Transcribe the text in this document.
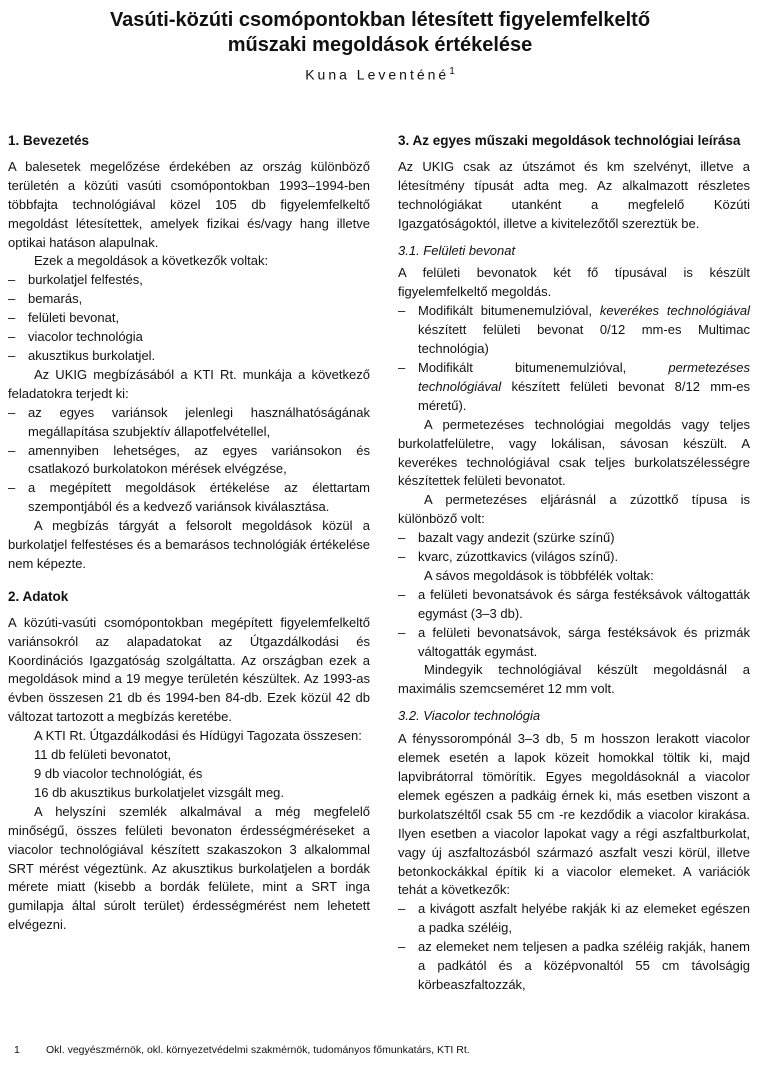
Vasúti-közúti csomópontokban létesített figyelemfelkeltő
műszaki megoldások értékelése
Kuna Leventéné$^1$
1. Bevezetés

A balesetek megelőzése érdekében az ország különböző területén a közúti vasúti csomópontokban 1993–1994-ben többfajta technológiával közel 105 db figyelemfelkeltő megoldást létesítettek, amelyek fizikai és/vagy hang illetve optikai hatáson alapulnak.

Ezek a megoldások a következők voltak:

– burkolatjel felfestés,
– bemarás,
– felületi bevonat,
– viacolor technológia
– akusztikus burkolatjel.

Az UKIG megbízásából a KTI Rt. munkája a következő feladatokra terjedt ki:

– az egyes variánsok jelenlegi használhatóságának megállapítása szubjektív állapotfelvétellel,
– amennyiben lehetséges, az egyes variánsokon és csatlakozó burkolatokon mérések elvégzése,
– a megépített megoldások értékelése az élettartam szempontjából és a kedvező variánsok kiválasztása.

A megbízás tárgyát a felsorolt megoldások közül a burkolatjel felfestéses és a bemarásos technológiák értékelése nem képezte.

2. Adatok

A közúti-vasúti csomópontokban megépített figyelemfelkeltő variánsokról az alapadatokat az Útgazdálkodási és Koordinációs Igazgatóság szolgáltatta. Az országban ezek a megoldások mind a 19 megye területén készültek. Az 1993-as évben összesen 21 db és 1994-ben 84-db. Ezek közül 42 db változat tartozott a megbízás keretébe.

A KTI Rt. Útgazdálkodási és Hídügyi Tagozata összesen:

11 db felületi bevonatot,

9 db viacolor technológiát, és

16 db akusztikus burkolatjelet vizsgált meg.

A helyszíni szemlék alkalmával a még megfelelő minőségű, összes felületi bevonaton érdességméréseket a viacolor technológiával készített szakaszokon 3 alkalommal SRT mérést végeztünk. Az akusztikus burkolatjelen a bordák mérete miatt (kisebb a bordák felülete, mint a SRT inga gumilapja által súrolt terület) érdességmérést nem lehetett elvégezni.

3. Az egyes műszaki megoldások technológiai leírása

Az UKIG csak az útszámot és km szelvényt, illetve a létesítmény típusát adta meg. Az alkalmazott részletes technológiákat utanként a megfelelő Közúti Igazgatóságoktól, illetve a kivitelezőtől szereztük be.

3.1. Felületi bevonat

A felületi bevonatok két fő típusával is készült figyelemfelkeltő megoldás.

– Modifikált bitumenemulzióval, keverékes technológiával készített felületi bevonat 0/12 mm-es Multimac technológia)
– Modifikált bitumenemulzióval, permetezéses technológiával készített felületi bevonat 8/12 mm-es méretű).

A permetezéses technológiai megoldás vagy teljes burkolatfelületre, vagy lokálisan, sávosan készült. A keverékes technológiával csak teljes burkolatszélességre készítettek felületi bevonatot.

A permetezéses eljárásnál a zúzottkő típusa is különböző volt:

– bazalt vagy andezit (szürke színű)
– kvarc, zúzottkavics (világos színű).

A sávos megoldások is többfélék voltak:

– a felületi bevonatsávok és sárga festéksávok váltogatták egymást (3–3 db).
– a felületi bevonatsávok, sárga festéksávok és prizmák váltogatták egymást.

Mindegyik technológiával készült megoldásnál a maximális szemcseméret 12 mm volt.

3.2. Viacolor technológia

A fényssorompónál 3–3 db, 5 m hosszon lerakott viacolor elemek esetén a lapok közeit homokkal töltik ki, majd lapvibrátorral tömörítik. Egyes megoldásoknál a viacolor elemek egészen a padkáig érnek ki, más esetben viszont a burkolatszéltől csak 55 cm -re kezdődik a viacolor kirakása. Ilyen esetben a viacolor lapokat vagy a régi aszfaltburkolat, vagy új aszfaltozásból származó aszfalt veszi körül, illetve betonkockákkal építik ki a viacolor elemeket. A variációk tehát a következők:

– a kivágott aszfalt helyébe rakják ki az elemeket egészen a padka széléig,
– az elemeket nem teljesen a padka széléig rakják, hanem a padkától és a középvonaltól 55 cm távolságig körbeaszfaltozzák,
1 Okl. vegyészmérnök, okl. környezetvédelmi szakmérnök, tudományos főmunkatárs, KTI Rt.
